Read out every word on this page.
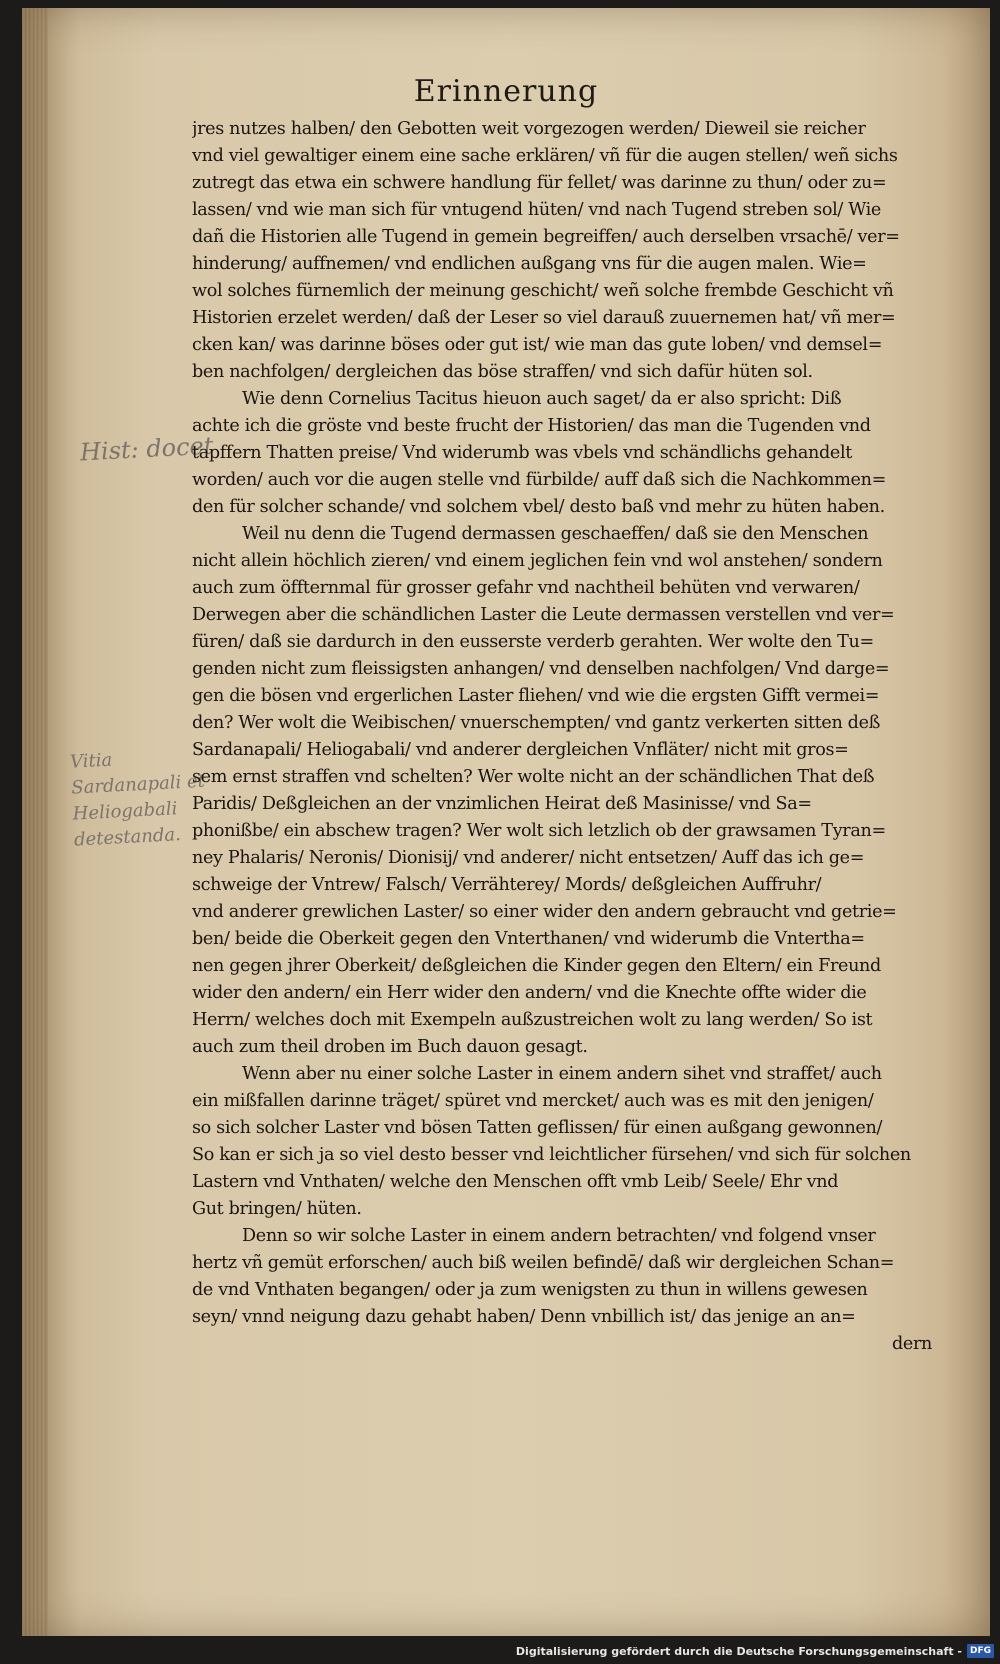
Erinnerung
Hist: docet
Vitia Sardanapali et Heliogabali detestanda.
jres nutzes halben/ den Gebotten weit vorgezogen werden/ Dieweil sie reicher
vnd viel gewaltiger einem eine sache erklären/ vñ für die augen stellen/ weñ sichs
zutregt das etwa ein schwere handlung für fellet/ was darinne zu thun/ oder zu=
lassen/ vnd wie man sich für vntugend hüten/ vnd nach Tugend streben sol/ Wie
dañ die Historien alle Tugend in gemein begreiffen/ auch derselben vrsachē/ ver=
hinderung/ auffnemen/ vnd endlichen außgang vns für die augen malen. Wie=
wol solches fürnemlich der meinung geschicht/ weñ solche frembde Geschicht vñ
Historien erzelet werden/ daß der Leser so viel darauß zuuernemen hat/ vñ mer=
cken kan/ was darinne böses oder gut ist/ wie man das gute loben/ vnd demsel=
ben nachfolgen/ dergleichen das böse straffen/ vnd sich dafür hüten sol.
Wie denn Cornelius Tacitus hieuon auch saget/ da er also spricht: Diß
achte ich die gröste vnd beste frucht der Historien/ das man die Tugenden vnd
tapffern Thatten preise/ Vnd widerumb was vbels vnd schändlichs gehandelt
worden/ auch vor die augen stelle vnd fürbilde/ auff daß sich die Nachkommen=
den für solcher schande/ vnd solchem vbel/ desto baß vnd mehr zu hüten haben.
Weil nu denn die Tugend dermassen geschaeffen/ daß sie den Menschen
nicht allein höchlich zieren/ vnd einem jeglichen fein vnd wol anstehen/ sondern
auch zum öffternmal für grosser gefahr vnd nachtheil behüten vnd verwaren/
Derwegen aber die schändlichen Laster die Leute dermassen verstellen vnd ver=
füren/ daß sie dardurch in den eusserste verderb gerahten. Wer wolte den Tu=
genden nicht zum fleissigsten anhangen/ vnd denselben nachfolgen/ Vnd darge=
gen die bösen vnd ergerlichen Laster fliehen/ vnd wie die ergsten Gifft vermei=
den? Wer wolt die Weibischen/ vnuerschempten/ vnd gantz verkerten sitten deß
Sardanapali/ Heliogabali/ vnd anderer dergleichen Vnfläter/ nicht mit gros=
sem ernst straffen vnd schelten? Wer wolte nicht an der schändlichen That deß
Paridis/ Deßgleichen an der vnzimlichen Heirat deß Masinisse/ vnd Sa=
phonißbe/ ein abschew tragen? Wer wolt sich letzlich ob der grawsamen Tyran=
ney Phalaris/ Neronis/ Dionisij/ vnd anderer/ nicht entsetzen/ Auff das ich ge=
schweige der Vntrew/ Falsch/ Verrähterey/ Mords/ deßgleichen Auffruhr/
vnd anderer grewlichen Laster/ so einer wider den andern gebraucht vnd getrie=
ben/ beide die Oberkeit gegen den Vnterthanen/ vnd widerumb die Vntertha=
nen gegen jhrer Oberkeit/ deßgleichen die Kinder gegen den Eltern/ ein Freund
wider den andern/ ein Herr wider den andern/ vnd die Knechte offte wider die
Herrn/ welches doch mit Exempeln außzustreichen wolt zu lang werden/ So ist
auch zum theil droben im Buch dauon gesagt.
Wenn aber nu einer solche Laster in einem andern sihet vnd straffet/ auch
ein mißfallen darinne träget/ spüret vnd mercket/ auch was es mit den jenigen/
so sich solcher Laster vnd bösen Tatten geflissen/ für einen außgang gewonnen/
So kan er sich ja so viel desto besser vnd leichtlicher fürsehen/ vnd sich für solchen
Lastern vnd Vnthaten/ welche den Menschen offt vmb Leib/ Seele/ Ehr vnd
Gut bringen/ hüten.
Denn so wir solche Laster in einem andern betrachten/ vnd folgend vnser
hertz vñ gemüt erforschen/ auch biß weilen befindē/ daß wir dergleichen Schan=
de vnd Vnthaten begangen/ oder ja zum wenigsten zu thun in willens gewesen
seyn/ vnnd neigung dazu gehabt haben/ Denn vnbillich ist/ das jenige an an=
dern
Digitalisierung gefördert durch die Deutsche Forschungsgemeinschaft - DFG
